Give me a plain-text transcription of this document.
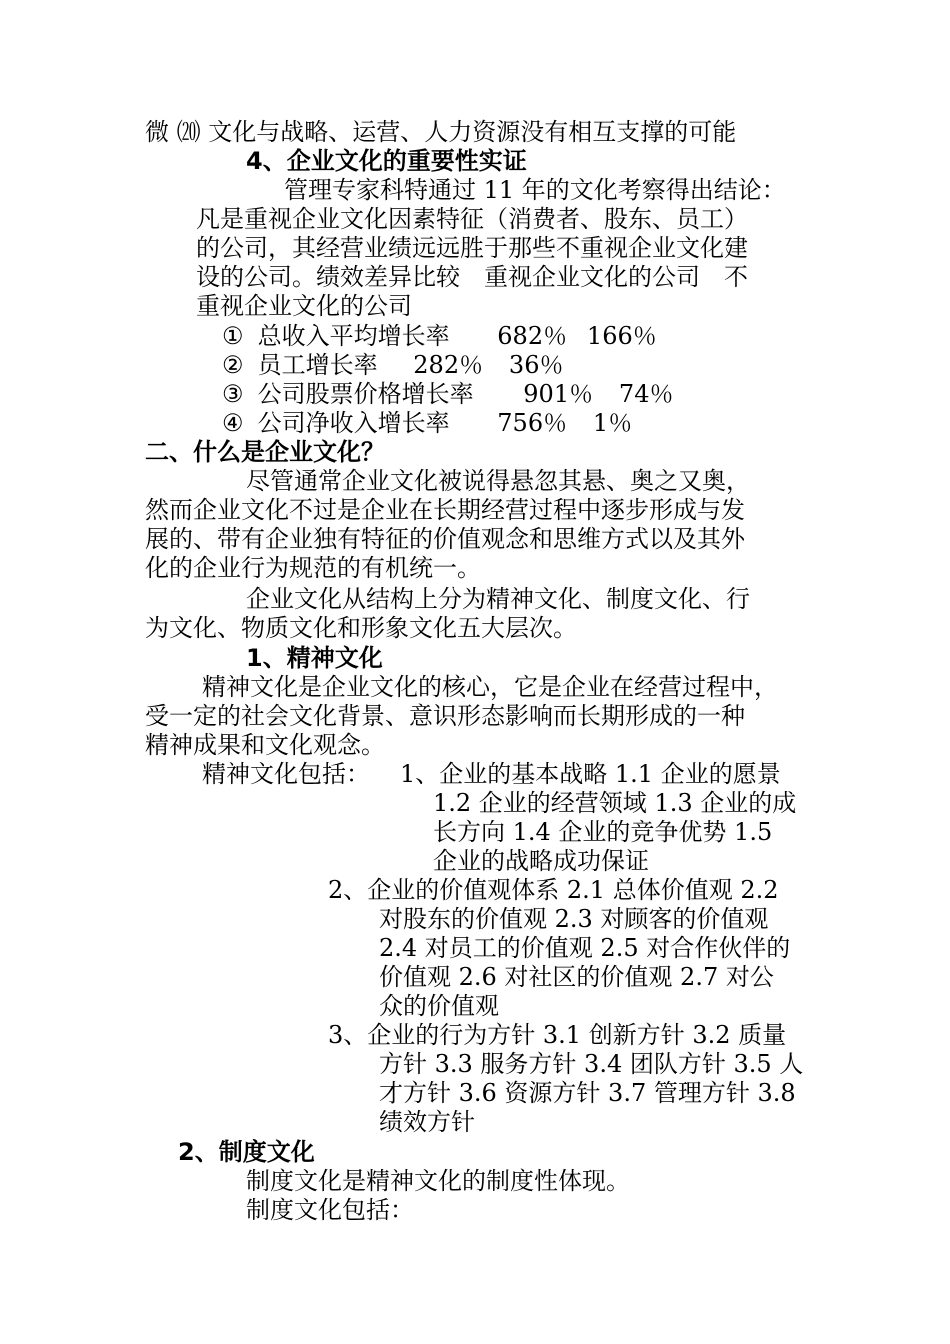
微 ⒇ 文化与战略、运营、人力资源没有相互支撑的可能
4、企业文化的重要性实证
管理专家科特通过 11 年的文化考察得出结论：
凡是重视企业文化因素特征（消费者、股东、员工）
的公司，其经营业绩远远胜于那些不重视企业文化建
设的公司。绩效差异比较　重视企业文化的公司　不
重视企业文化的公司
① 总收入平均增长率 682％ 166％
② 员工增长率 282％ 36％
③ 公司股票价格增长率 901％ 74％
④ 公司净收入增长率 756％ 1％
二、什么是企业文化？
尽管通常企业文化被说得悬忽其悬、奥之又奥，
然而企业文化不过是企业在长期经营过程中逐步形成与发
展的、带有企业独有特征的价值观念和思维方式以及其外
化的企业行为规范的有机统一。
企业文化从结构上分为精神文化、制度文化、行
为文化、物质文化和形象文化五大层次。
1、精神文化
精神文化是企业文化的核心，它是企业在经营过程中，
受一定的社会文化背景、意识形态影响而长期形成的一种
精神成果和文化观念。
精神文化包括： 1、企业的基本战略 1.1 企业的愿景
1.2 企业的经营领域 1.3 企业的成
长方向 1.4 企业的竞争优势 1.5
企业的战略成功保证
2、企业的价值观体系 2.1 总体价值观 2.2
对股东的价值观 2.3 对顾客的价值观
2.4 对员工的价值观 2.5 对合作伙伴的
价值观 2.6 对社区的价值观 2.7 对公
众的价值观
3、企业的行为方针 3.1 创新方针 3.2 质量
方针 3.3 服务方针 3.4 团队方针 3.5 人
才方针 3.6 资源方针 3.7 管理方针 3.8
绩效方针
2、制度文化
制度文化是精神文化的制度性体现。
制度文化包括：
